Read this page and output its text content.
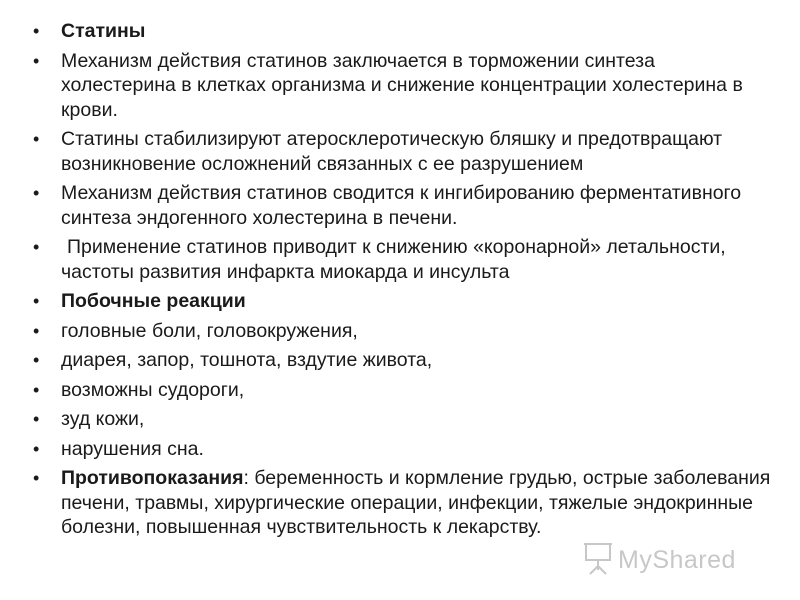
• Статины
• Механизм действия статинов заключается в торможении синтеза холестерина в клетках организма и снижение концентрации холестерина в крови.
• Статины стабилизируют атеросклеротическую бляшку и предотвращают возникновение осложнений связанных с ее разрушением
• Механизм действия статинов сводится к ингибированию ферментативного синтеза эндогенного холестерина в печени.
• Применение статинов приводит к снижению «коронарной» летальности, частоты развития инфаркта миокарда и инсульта
• Побочные реакции
• головные боли, головокружения,
• диарея, запор, тошнота, вздутие живота,
• возможны судороги,
• зуд кожи,
• нарушения сна.
• Противопоказания: беременность и кормление грудью, острые заболевания печени, травмы, хирургические операции, инфекции, тяжелые эндокринные болезни, повышенная чувствительность к лекарству.
MyShared
